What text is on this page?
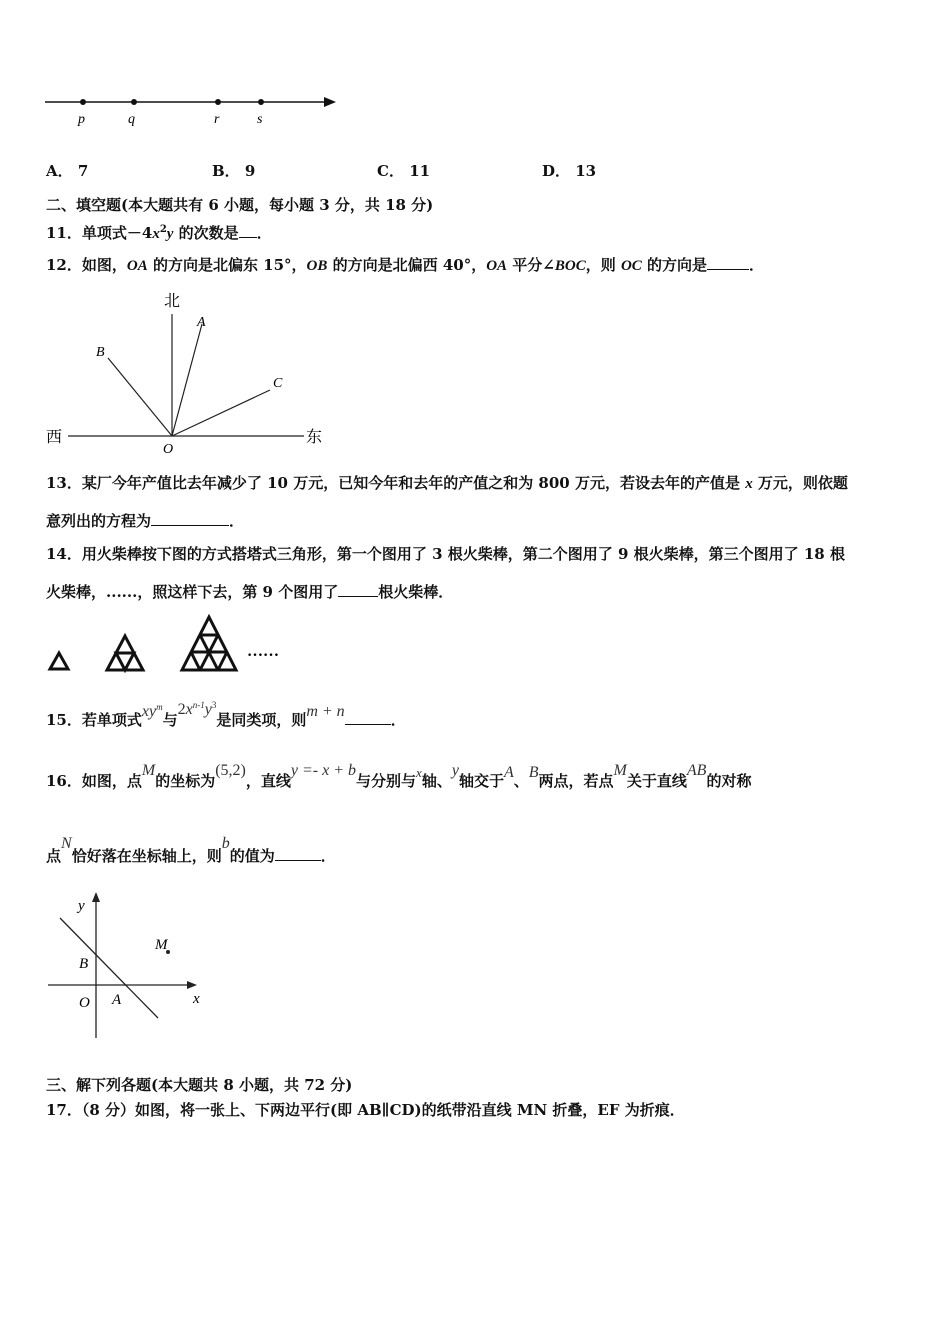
p	q	r	s
A． 7	B． 9	C． 11	D． 13
二、填空题(本大题共有 6 小题，每小题 3 分，共 18 分)
11．单项式$-4x^2y$ 的次数是 ．
12．如图，OA 的方向是北偏东 15°，OB 的方向是北偏西 40°，OA 平分∠BOC，则 OC 的方向是	．
北
西	东
A
B
C
O
13．某厂今年产值比去年减少了 10 万元，已知今年和去年的产值之和为 800 万元，若设去年的产值是 x 万元，则依题
意列出的方程为	．
14．用火柴棒按下图的方式搭塔式三角形，第一个图用了 3 根火柴棒，第二个图用了 9 根火柴棒，第三个图用了 18 根
火柴棒，......，照这样下去，第 9 个图用了	根火柴棒．
……
15．若单项式$xy^m$与$2x^{n-1}y^3$是同类项，则m + n	．
16．如图，点M的坐标为(5,2)，直线y =- x + b与分别与x轴、y轴交于A、B两点，若点M关于直线AB的对称
点N恰好落在坐标轴上，则b的值为	．
y
x
B
O A
M
三、解下列各题(本大题共 8 小题，共 72 分)
17．（8 分）如图，将一张上、下两边平行(即 AB∥CD)的纸带沿直线 MN 折叠，EF 为折痕．
